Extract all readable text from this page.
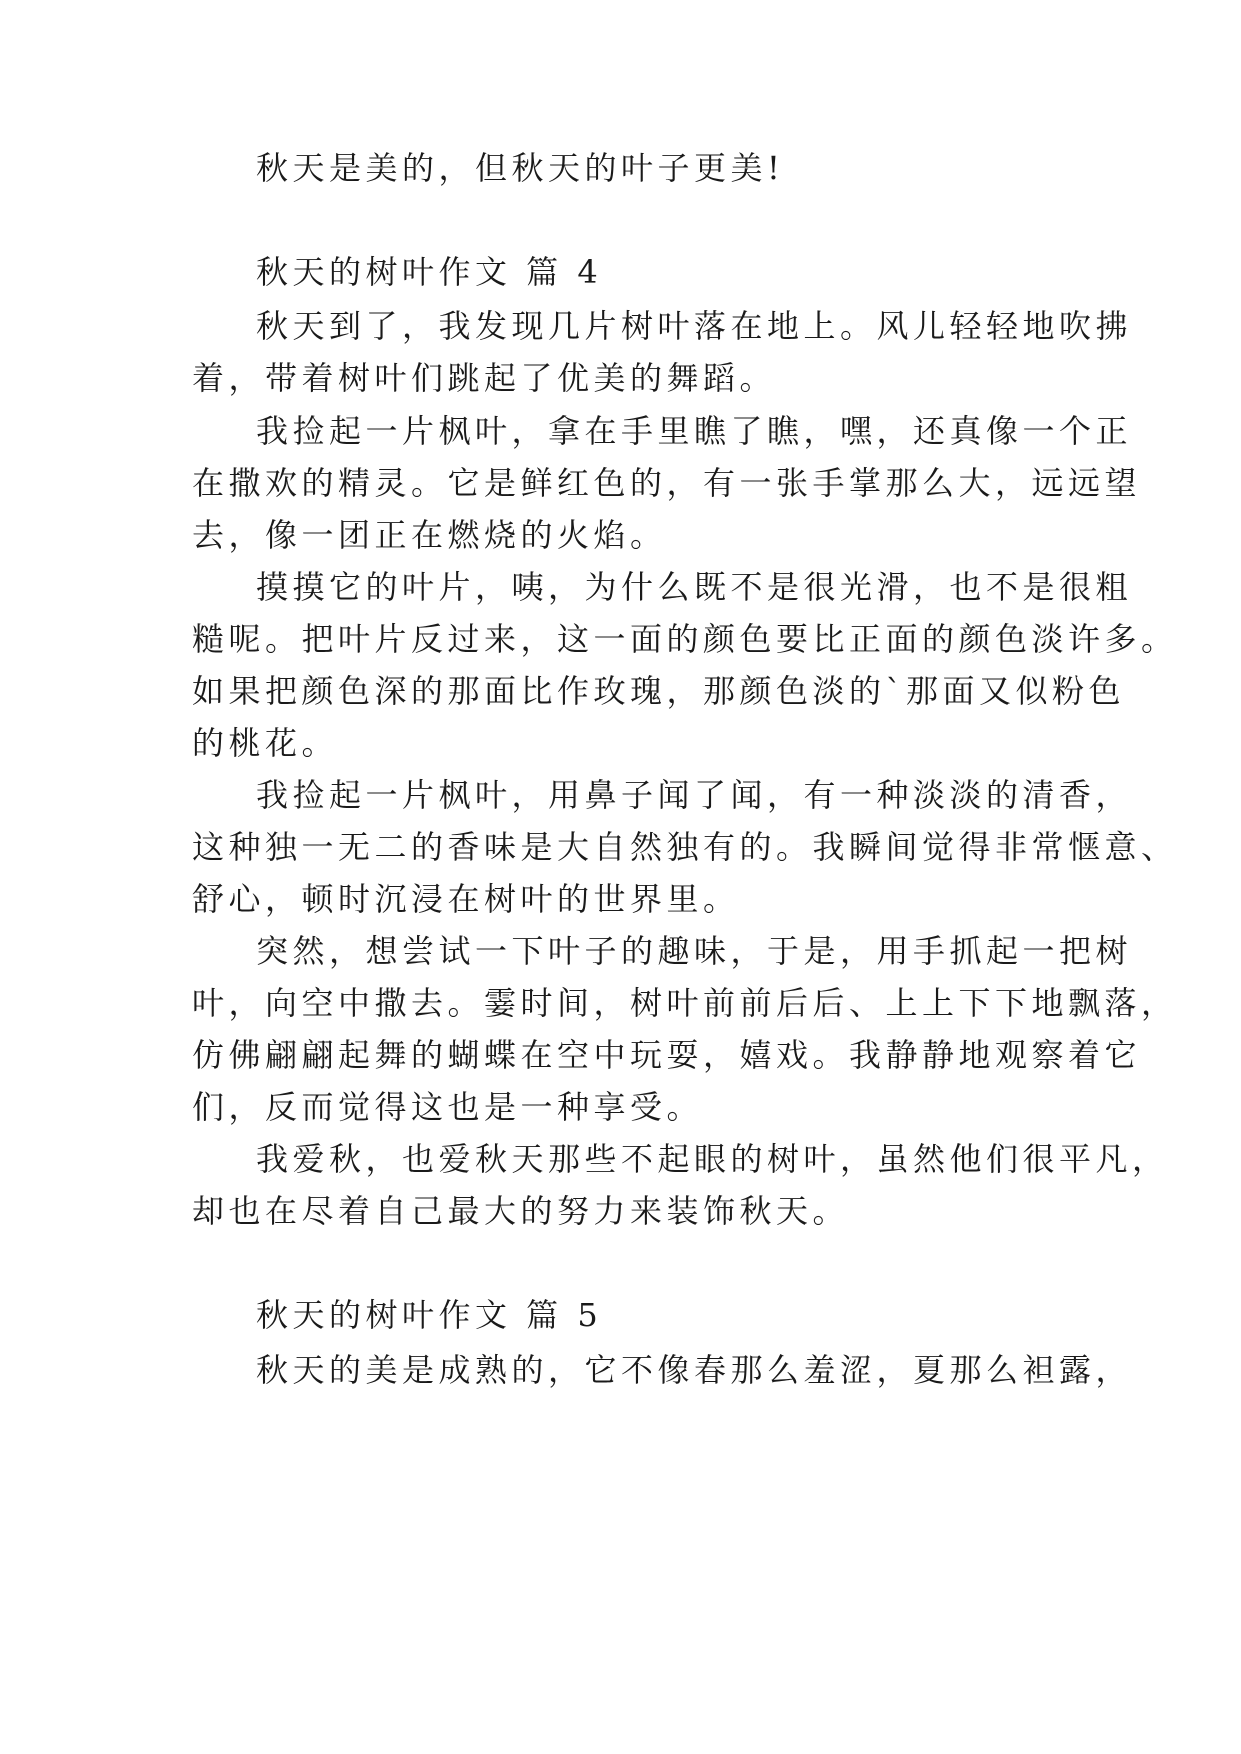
秋天是美的，但秋天的叶子更美!
秋天的树叶作文 篇 4
秋天到了，我发现几片树叶落在地上。风儿轻轻地吹拂
着，带着树叶们跳起了优美的舞蹈。
我捡起一片枫叶，拿在手里瞧了瞧，嘿，还真像一个正
在撒欢的精灵。它是鲜红色的，有一张手掌那么大，远远望
去，像一团正在燃烧的火焰。
摸摸它的叶片，咦，为什么既不是很光滑，也不是很粗
糙呢。把叶片反过来，这一面的颜色要比正面的颜色淡许多。
如果把颜色深的那面比作玫瑰，那颜色淡的`那面又似粉色
的桃花。
我捡起一片枫叶，用鼻子闻了闻，有一种淡淡的清香，
这种独一无二的香味是大自然独有的。我瞬间觉得非常惬意、
舒心，顿时沉浸在树叶的世界里。
突然，想尝试一下叶子的趣味，于是，用手抓起一把树
叶，向空中撒去。霎时间，树叶前前后后、上上下下地飘落，
仿佛翩翩起舞的蝴蝶在空中玩耍，嬉戏。我静静地观察着它
们，反而觉得这也是一种享受。
我爱秋，也爱秋天那些不起眼的树叶，虽然他们很平凡，
却也在尽着自己最大的努力来装饰秋天。
秋天的树叶作文 篇 5
秋天的美是成熟的，它不像春那么羞涩，夏那么袒露，
